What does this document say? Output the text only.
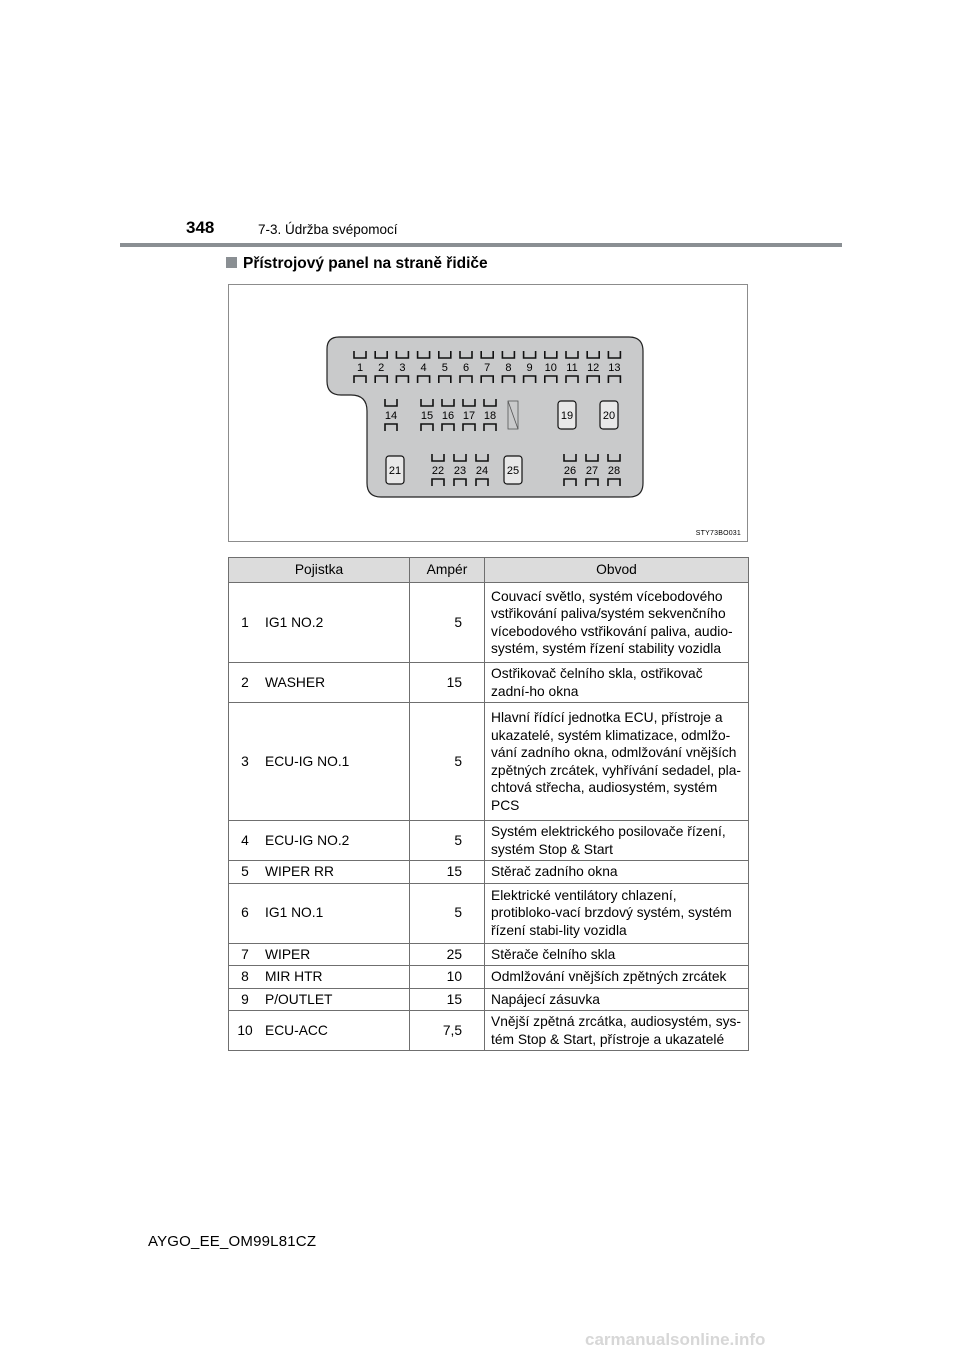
348	7-3. Údržba svépomocí
Přístrojový panel na straně řidiče
1 2 3 4 5 6 7 8 9 10 11 12 13
14 15 16 17 18	19	20
21	22 23 24 25	26 27 28
STY73BO031
Pojistka		Ampér	Obvod
1	IG1 NO.2	5	Couvací světlo, systém vícebodového vstřikování paliva/systém sekvenčního vícebodového vstřikování paliva, audio-systém, systém řízení stability vozidla
2	WASHER	15	Ostřikovač čelního skla, ostřikovač zadní-ho okna
3	ECU-IG NO.1	5	Hlavní řídící jednotka ECU, přístroje a ukazatelé, systém klimatizace, odmlžo-vání zadního okna, odmlžování vnějších zpětných zrcátek, vyhřívání sedadel, pla-chtová střecha, audiosystém, systém PCS
4	ECU-IG NO.2	5	Systém elektrického posilovače řízení, systém Stop & Start
5	WIPER RR	15	Stěrač zadního okna
6	IG1 NO.1	5	Elektrické ventilátory chlazení, protibloko-vací brzdový systém, systém řízení stabi-lity vozidla
7	WIPER	25	Stěrače čelního skla
8	MIR HTR	10	Odmlžování vnějších zpětných zrcátek
9	P/OUTLET	15	Napájecí zásuvka
10	ECU-ACC	7,5	Vnější zpětná zrcátka, audiosystém, sys-tém Stop & Start, přístroje a ukazatelé
AYGO_EE_OM99L81CZ
carmanualsonline.info
